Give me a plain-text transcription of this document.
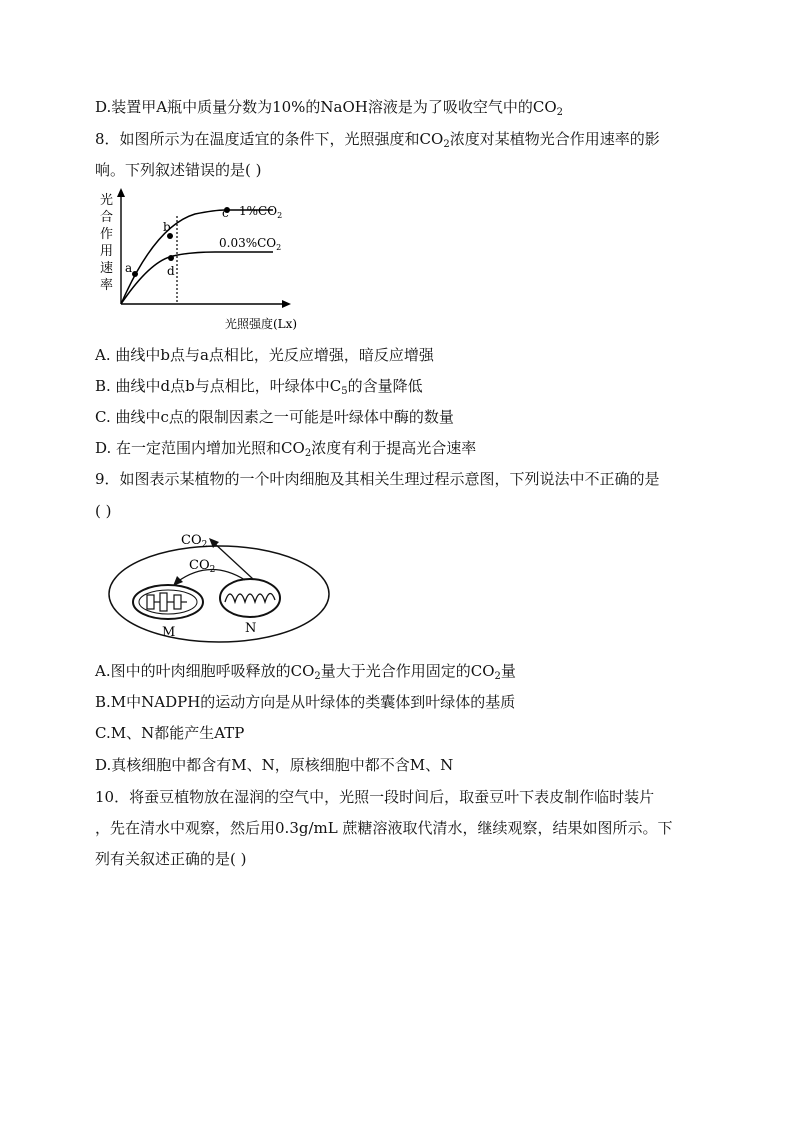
D.装置甲A瓶中质量分数为10%的NaOH溶液是为了吸收空气中的$CO_2$
8．如图所示为在温度适宜的条件下，光照强度和$CO_2$浓度对某植物光合作用速率的影
响。下列叙述错误的是( )
光
合
作
用
速
率
a
b
c
d
$1\%CO_2$
$0.03\%CO_2$
光照强度(Lx)
A. 曲线中b点与a点相比，光反应增强，暗反应增强
B. 曲线中d点b与点相比，叶绿体中$C_5$的含量降低
C. 曲线中c点的限制因素之一可能是叶绿体中酶的数量
D. 在一定范围内增加光照和$CO_2$浓度有利于提高光合速率
9．如图表示某植物的一个叶肉细胞及其相关生理过程示意图，下列说法中不正确的是
( )
$CO_2$
$CO_2$
M	N
A.图中的叶肉细胞呼吸释放的$CO_2$量大于光合作用固定的$CO_2$量
B.M中NADPH的运动方向是从叶绿体的类囊体到叶绿体的基质
C.M、N都能产生ATP
D.真核细胞中都含有M、N，原核细胞中都不含M、N
10．将蚕豆植物放在湿润的空气中，光照一段时间后，取蚕豆叶下表皮制作临时装片
，先在清水中观察，然后用0.3g/mL 蔗糖溶液取代清水，继续观察，结果如图所示。下
列有关叙述正确的是( )
